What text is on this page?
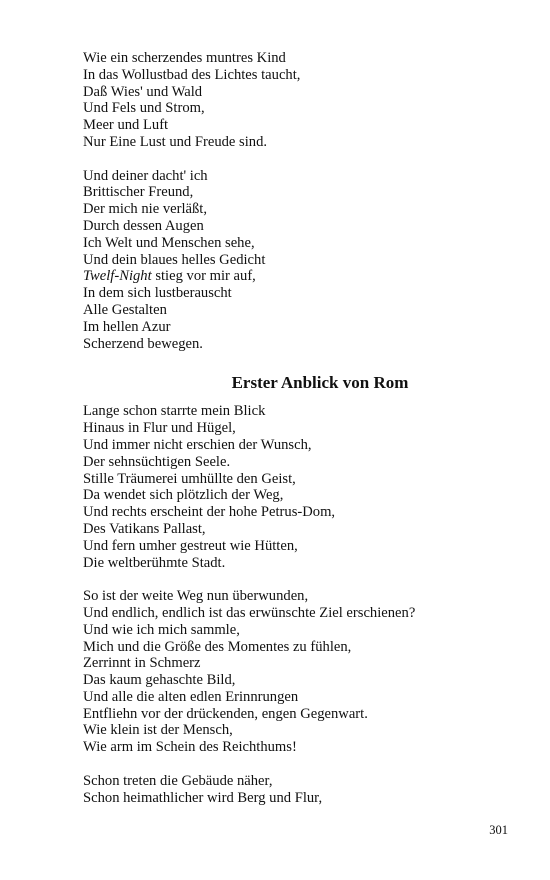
Wie ein scherzendes muntres Kind
In das Wollustbad des Lichtes taucht,
Daß Wies' und Wald
Und Fels und Strom,
Meer und Luft
Nur Eine Lust und Freude sind.
Und deiner dacht' ich
Brittischer Freund,
Der mich nie verläßt,
Durch dessen Augen
Ich Welt und Menschen sehe,
Und dein blaues helles Gedicht
Twelf-Night stieg vor mir auf,
In dem sich lustberauscht
Alle Gestalten
Im hellen Azur
Scherzend bewegen.
Erster Anblick von Rom
Lange schon starrte mein Blick
Hinaus in Flur und Hügel,
Und immer nicht erschien der Wunsch,
Der sehnsüchtigen Seele.
Stille Träumerei umhüllte den Geist,
Da wendet sich plötzlich der Weg,
Und rechts erscheint der hohe Petrus-Dom,
Des Vatikans Pallast,
Und fern umher gestreut wie Hütten,
Die weltberühmte Stadt.
So ist der weite Weg nun überwunden,
Und endlich, endlich ist das erwünschte Ziel erschienen?
Und wie ich mich sammle,
Mich und die Größe des Momentes zu fühlen,
Zerrinnt in Schmerz
Das kaum gehaschte Bild,
Und alle die alten edlen Erinnrungen
Entfliehn vor der drückenden, engen Gegenwart.
Wie klein ist der Mensch,
Wie arm im Schein des Reichthums!
Schon treten die Gebäude näher,
Schon heimathlicher wird Berg und Flur,
301
